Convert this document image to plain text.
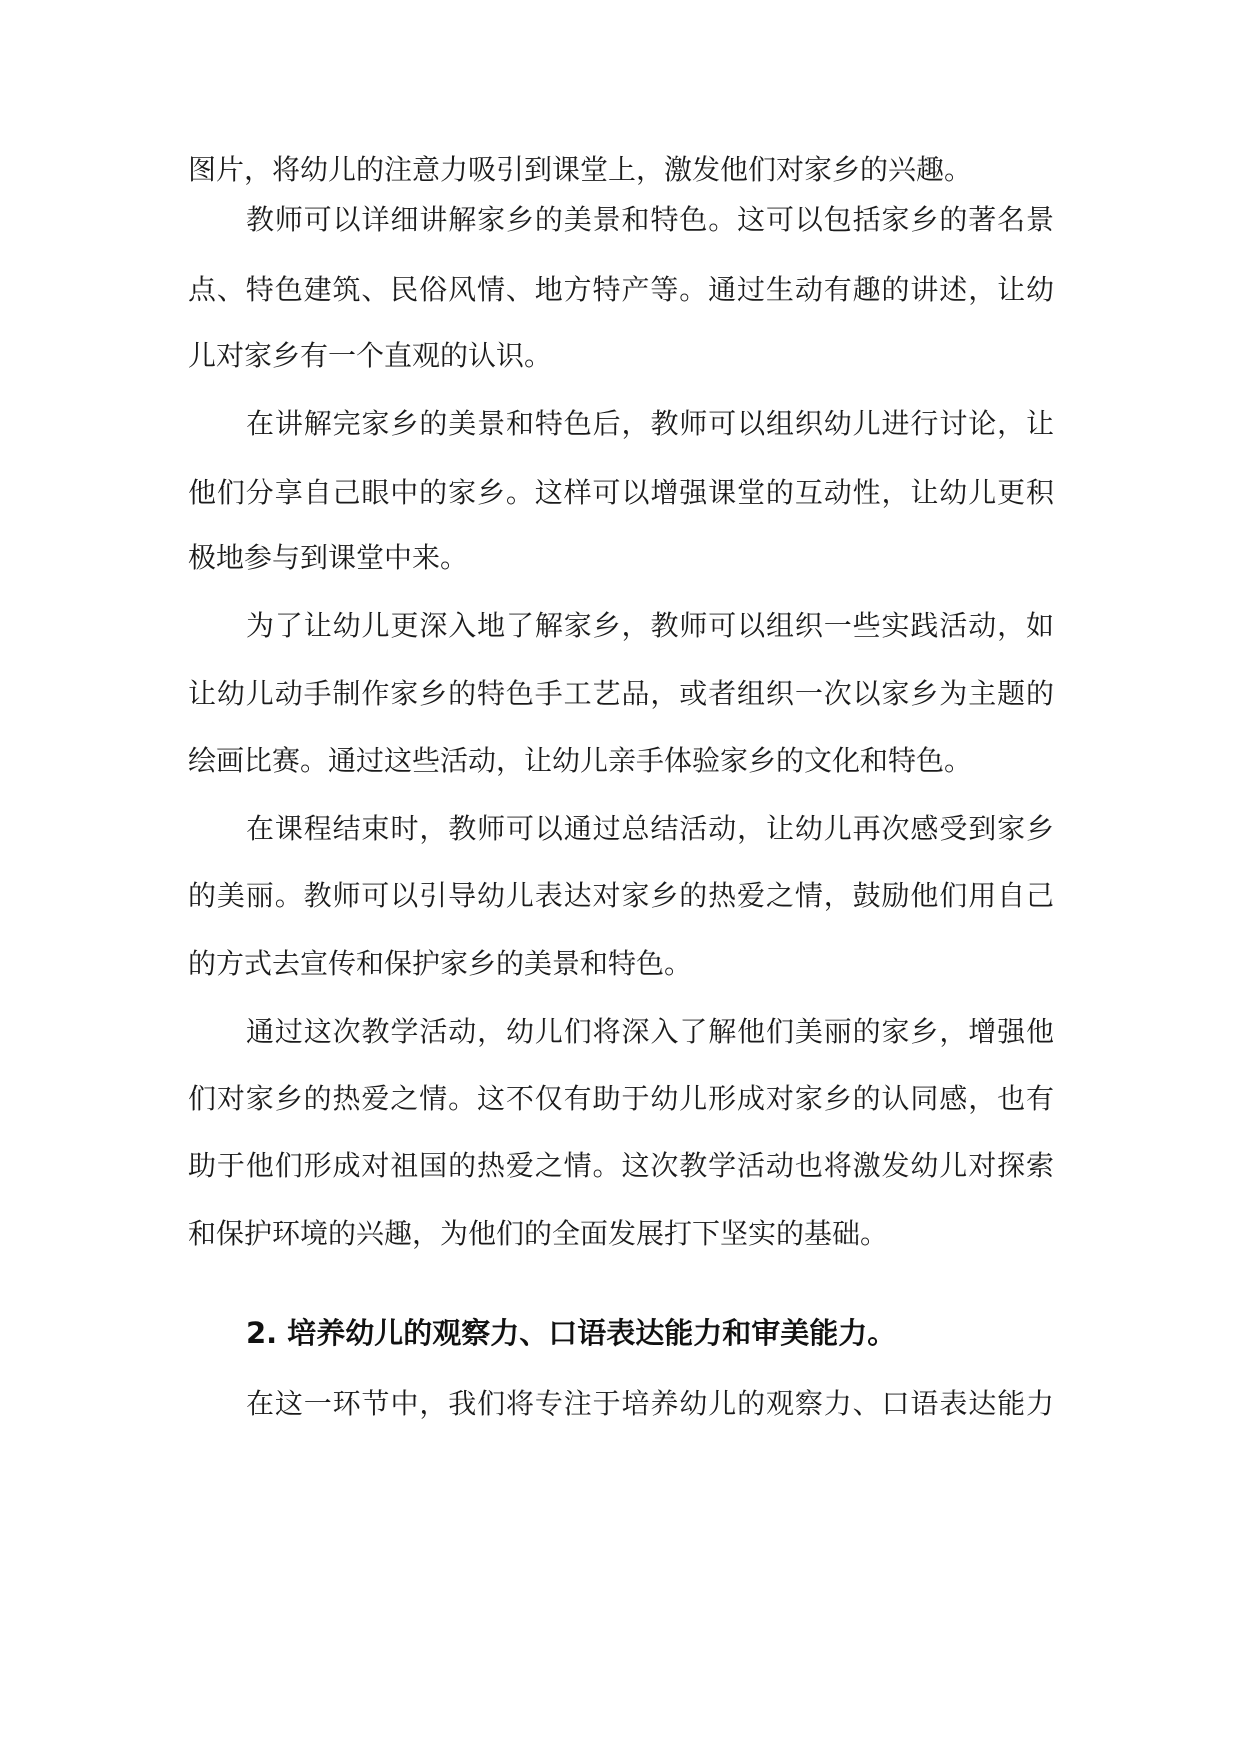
图片，将幼儿的注意力吸引到课堂上，激发他们对家乡的兴趣。
教师可以详细讲解家乡的美景和特色。这可以包括家乡的著名景
点、特色建筑、民俗风情、地方特产等。通过生动有趣的讲述，让幼
儿对家乡有一个直观的认识。
在讲解完家乡的美景和特色后，教师可以组织幼儿进行讨论，让
他们分享自己眼中的家乡。这样可以增强课堂的互动性，让幼儿更积
极地参与到课堂中来。
为了让幼儿更深入地了解家乡，教师可以组织一些实践活动，如
让幼儿动手制作家乡的特色手工艺品，或者组织一次以家乡为主题的
绘画比赛。通过这些活动，让幼儿亲手体验家乡的文化和特色。
在课程结束时，教师可以通过总结活动，让幼儿再次感受到家乡
的美丽。教师可以引导幼儿表达对家乡的热爱之情，鼓励他们用自己
的方式去宣传和保护家乡的美景和特色。
通过这次教学活动，幼儿们将深入了解他们美丽的家乡，增强他
们对家乡的热爱之情。这不仅有助于幼儿形成对家乡的认同感，也有
助于他们形成对祖国的热爱之情。这次教学活动也将激发幼儿对探索
和保护环境的兴趣，为他们的全面发展打下坚实的基础。
2. 培养幼儿的观察力、口语表达能力和审美能力。
在这一环节中，我们将专注于培养幼儿的观察力、口语表达能力
